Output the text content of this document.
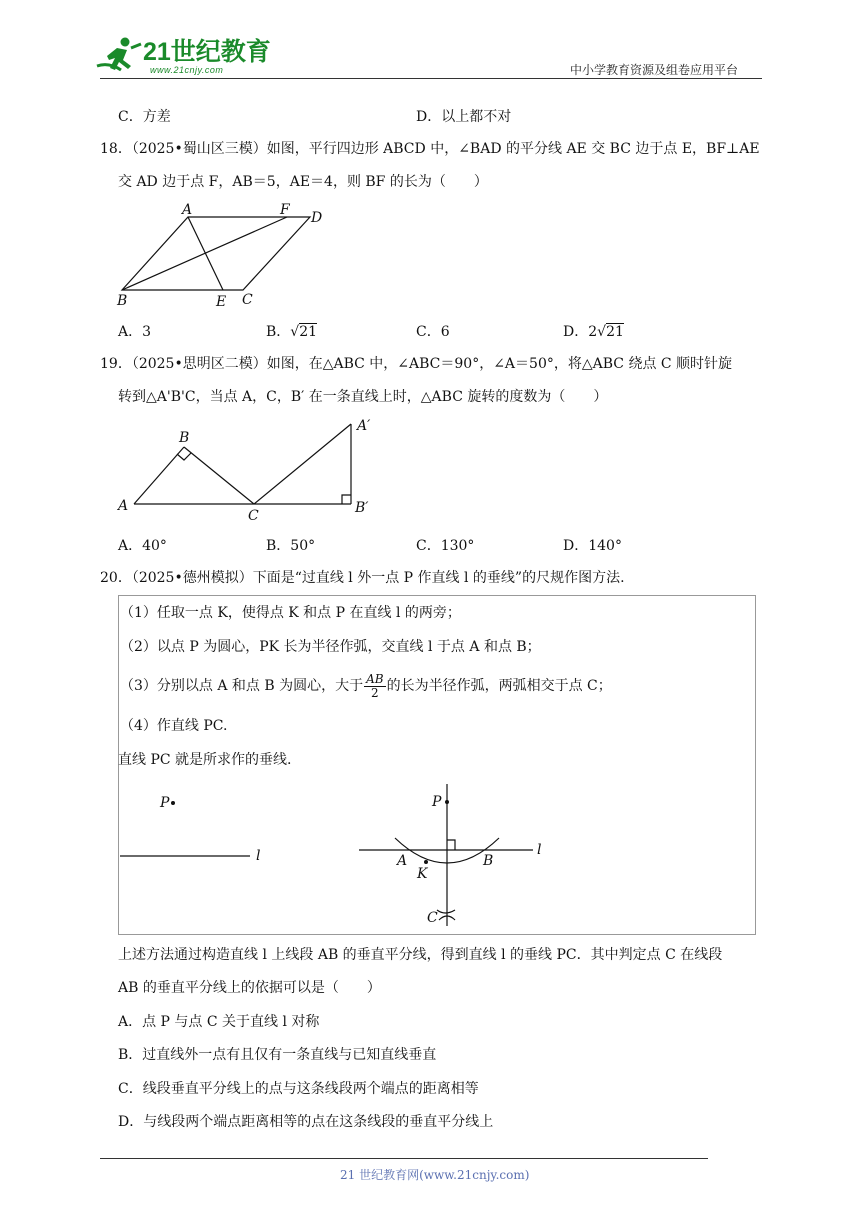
21世纪教育
www.21cnjy.com	中小学教育资源及组卷应用平台
C．方差	D．以上都不对
18．（2025•蜀山区三模）如图，平行四边形 ABCD 中，∠BAD 的平分线 AE 交 BC 边于点 E，BF⊥AE
交 AD 边于点 F，AB＝5，AE＝4，则 BF 的长为（　　）
A	F D
B	E C
A．3	B．√21	C．6	D．2√21
19．（2025•思明区二模）如图，在△ABC 中，∠ABC＝90°，∠A＝50°，将△ABC 绕点 C 顺时针旋
转到△A'B'C，当点 A，C，B′ 在一条直线上时，△ABC 旋转的度数为（　　）
A
B
C
A′
B′
A．40°	B．50°	C．130°	D．140°
20．（2025•德州模拟）下面是“过直线 l 外一点 P 作直线 l 的垂线”的尺规作图方法.
（1）任取一点 K，使得点 K 和点 P 在直线 l 的两旁；
（2）以点 P 为圆心，PK 长为半径作弧，交直线 l 于点 A 和点 B；
（3）分别以点 A 和点 B 为圆心，大于 $\frac{AB}{2}$ 的长为半径作弧，两弧相交于点 C；
（4）作直线 PC.
直线 PC 就是所求作的垂线.
P
l
P
A
K
B
C
l
上述方法通过构造直线 l 上线段 AB 的垂直平分线，得到直线 l 的垂线 PC．其中判定点 C 在线段
AB 的垂直平分线上的依据可以是（　　）
A．点 P 与点 C 关于直线 l 对称
B．过直线外一点有且仅有一条直线与已知直线垂直
C．线段垂直平分线上的点与这条线段两个端点的距离相等
D．与线段两个端点距离相等的点在这条线段的垂直平分线上
21 世纪教育网(www.21cnjy.com)
